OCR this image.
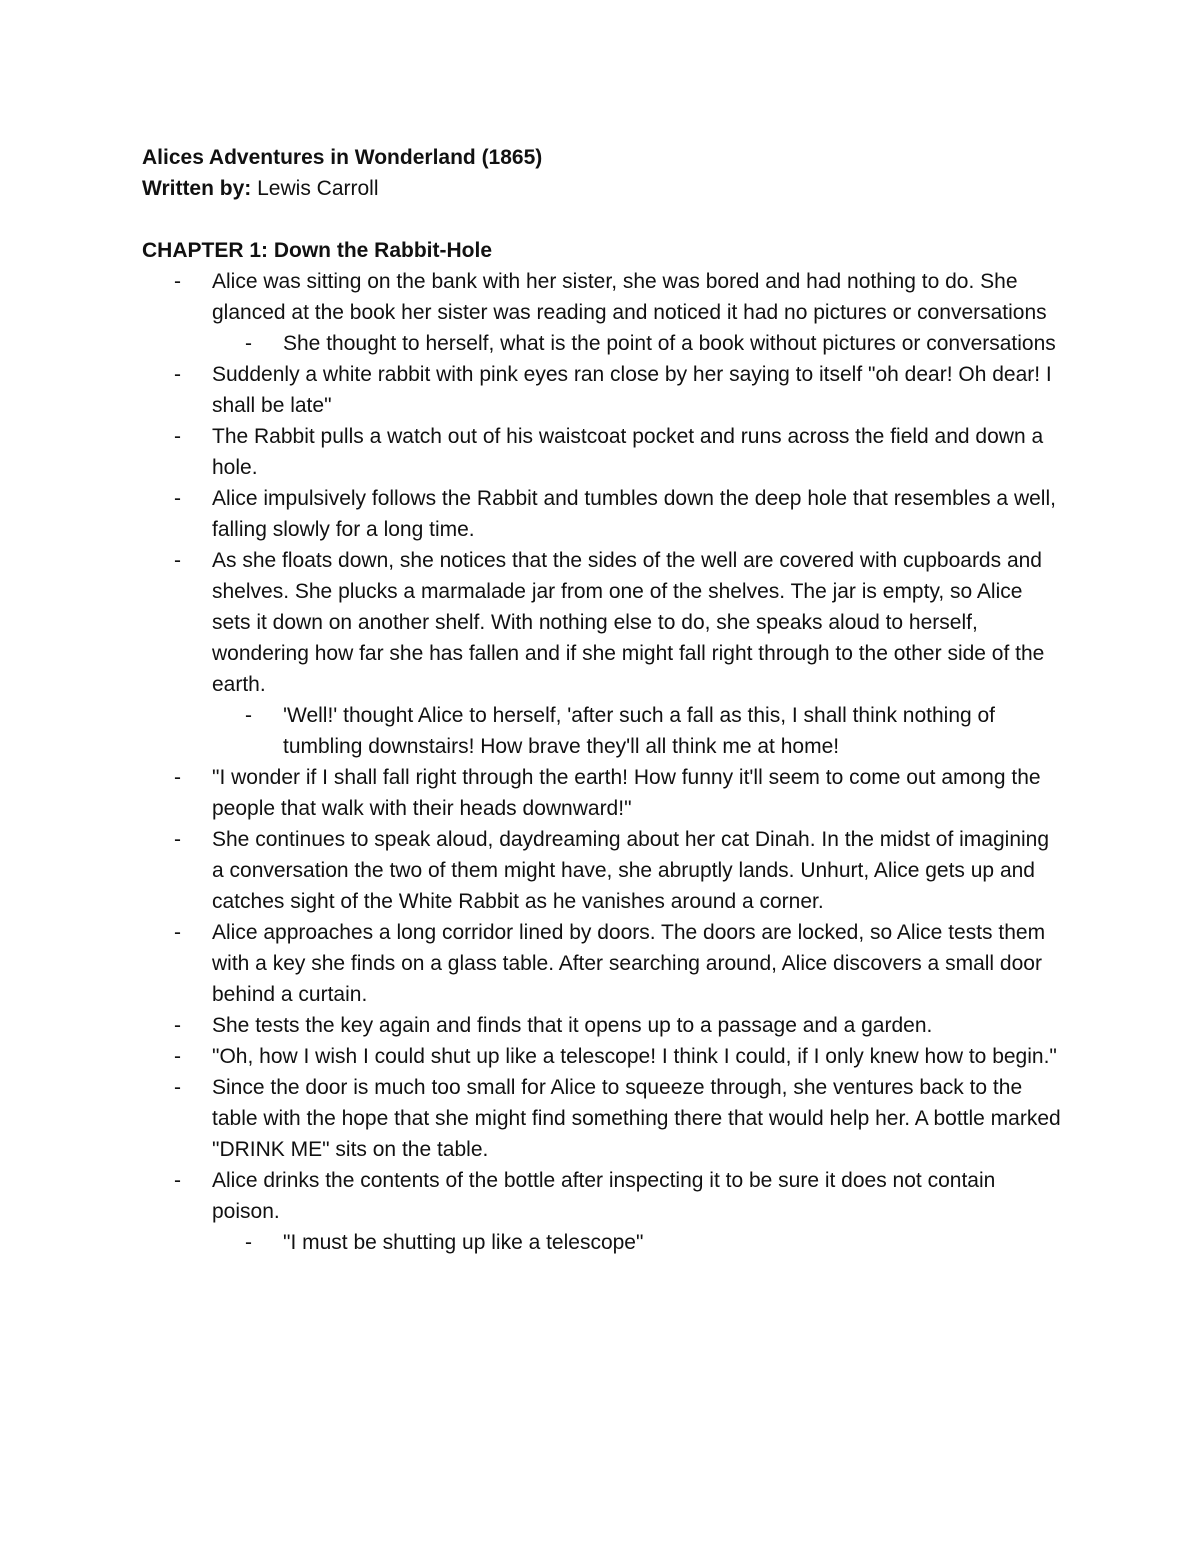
Alices Adventures in Wonderland (1865)

Written by: Lewis Carroll

CHAPTER 1: Down the Rabbit-Hole

- Alice was sitting on the bank with her sister, she was bored and had nothing to do. She glanced at the book her sister was reading and noticed it had no pictures or conversations
- She thought to herself, what is the point of a book without pictures or conversations
- Suddenly a white rabbit with pink eyes ran close by her saying to itself "oh dear! Oh dear! I shall be late"
- The Rabbit pulls a watch out of his waistcoat pocket and runs across the field and down a hole.
- Alice impulsively follows the Rabbit and tumbles down the deep hole that resembles a well, falling slowly for a long time.
- As she floats down, she notices that the sides of the well are covered with cupboards and shelves. She plucks a marmalade jar from one of the shelves. The jar is empty, so Alice sets it down on another shelf. With nothing else to do, she speaks aloud to herself, wondering how far she has fallen and if she might fall right through to the other side of the earth.
- 'Well!' thought Alice to herself, 'after such a fall as this, I shall think nothing of tumbling downstairs! How brave they'll all think me at home!
- "I wonder if I shall fall right through the earth! How funny it'll seem to come out among the people that walk with their heads downward!"
- She continues to speak aloud, daydreaming about her cat Dinah. In the midst of imagining a conversation the two of them might have, she abruptly lands. Unhurt, Alice gets up and catches sight of the White Rabbit as he vanishes around a corner.
- Alice approaches a long corridor lined by doors. The doors are locked, so Alice tests them with a key she finds on a glass table. After searching around, Alice discovers a small door behind a curtain.
- She tests the key again and finds that it opens up to a passage and a garden.
- "Oh, how I wish I could shut up like a telescope! I think I could, if I only knew how to begin."
- Since the door is much too small for Alice to squeeze through, she ventures back to the table with the hope that she might find something there that would help her. A bottle marked "DRINK ME" sits on the table.
- Alice drinks the contents of the bottle after inspecting it to be sure it does not contain poison.
- "I must be shutting up like a telescope"
